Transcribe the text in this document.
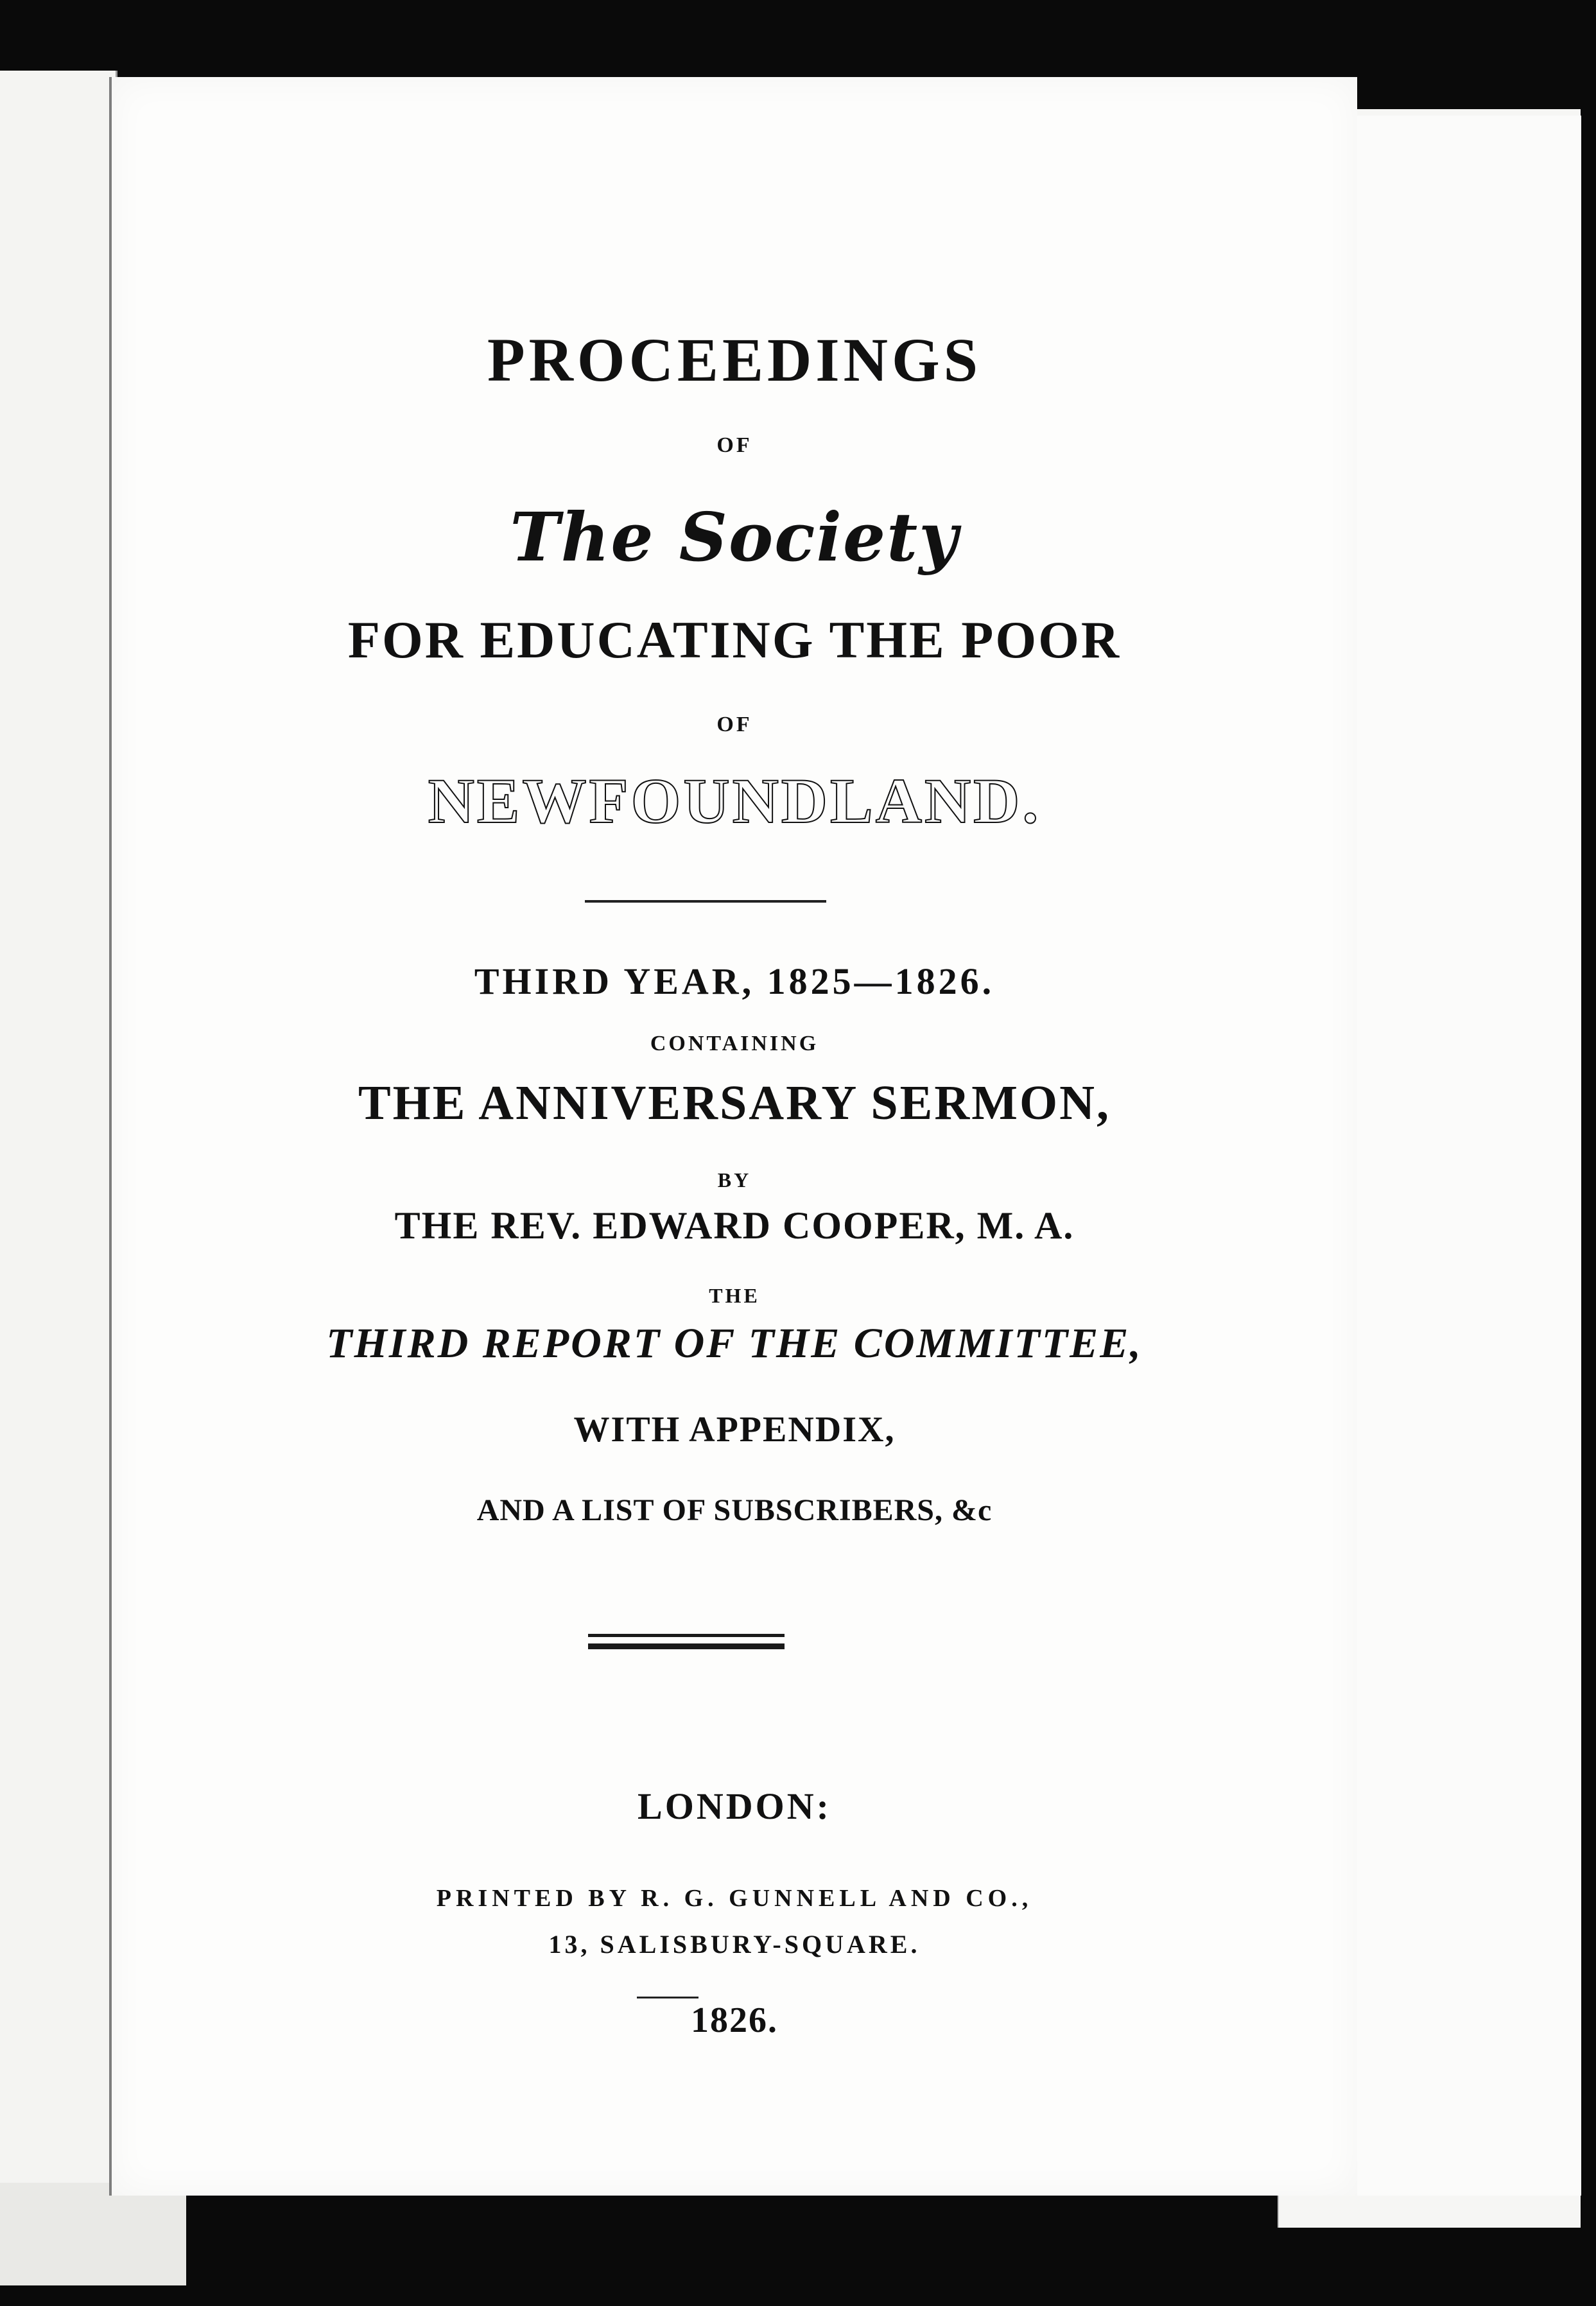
PROCEEDINGS
OF
The Society
FOR EDUCATING THE POOR
OF
NEWFOUNDLAND.
THIRD YEAR, 1825—1826.
CONTAINING
THE ANNIVERSARY SERMON,
BY
THE REV. EDWARD COOPER, M. A.
THE
THIRD REPORT OF THE COMMITTEE,
WITH APPENDIX,
AND A LIST OF SUBSCRIBERS, &c
LONDON:
PRINTED BY R. G. GUNNELL AND CO.,
13, SALISBURY-SQUARE.
1826.
